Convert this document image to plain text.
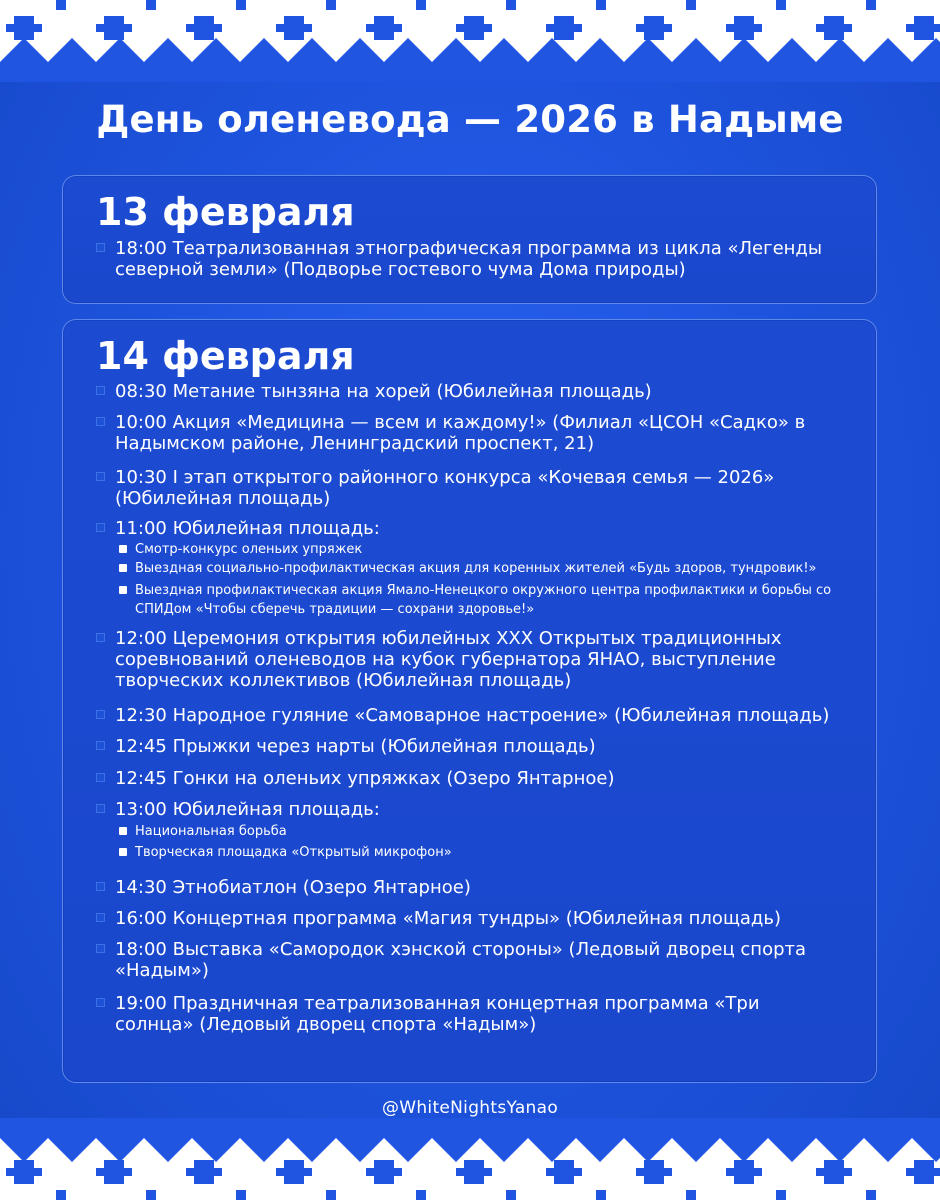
День оленевода — 2026 в Надыме
13 февраля
18:00 Театрализованная этнографическая программа из цикла «Легенды северной земли» (Подворье гостевого чума Дома природы)
14 февраля
08:30 Метание тынзяна на хорей (Юбилейная площадь)
10:00 Акция «Медицина — всем и каждому!» (Филиал «ЦСОН «Садко» в Надымском районе, Ленинградский проспект, 21)
10:30 I этап открытого районного конкурса «Кочевая семья — 2026» (Юбилейная площадь)
11:00 Юбилейная площадь:
Смотр-конкурс оленьих упряжек
Выездная социально-профилактическая акция для коренных жителей «Будь здоров, тундровик!»
Выездная профилактическая акция Ямало-Ненецкого окружного центра профилактики и борьбы со СПИДом «Чтобы сберечь традиции — сохрани здоровье!»
12:00 Церемония открытия юбилейных XXX Открытых традиционных соревнований оленеводов на кубок губернатора ЯНАО, выступление творческих коллективов (Юбилейная площадь)
12:30 Народное гуляние «Самоварное настроение» (Юбилейная площадь)
12:45 Прыжки через нарты (Юбилейная площадь)
12:45 Гонки на оленьих упряжках (Озеро Янтарное)
13:00 Юбилейная площадь:
Национальная борьба
Творческая площадка «Открытый микрофон»
14:30 Этнобиатлон (Озеро Янтарное)
16:00 Концертная программа «Магия тундры» (Юбилейная площадь)
18:00 Выставка «Самородок хэнской стороны» (Ледовый дворец спорта «Надым»)
19:00 Праздничная театрализованная концертная программа «Три солнца» (Ледовый дворец спорта «Надым»)
@WhiteNightsYanao
